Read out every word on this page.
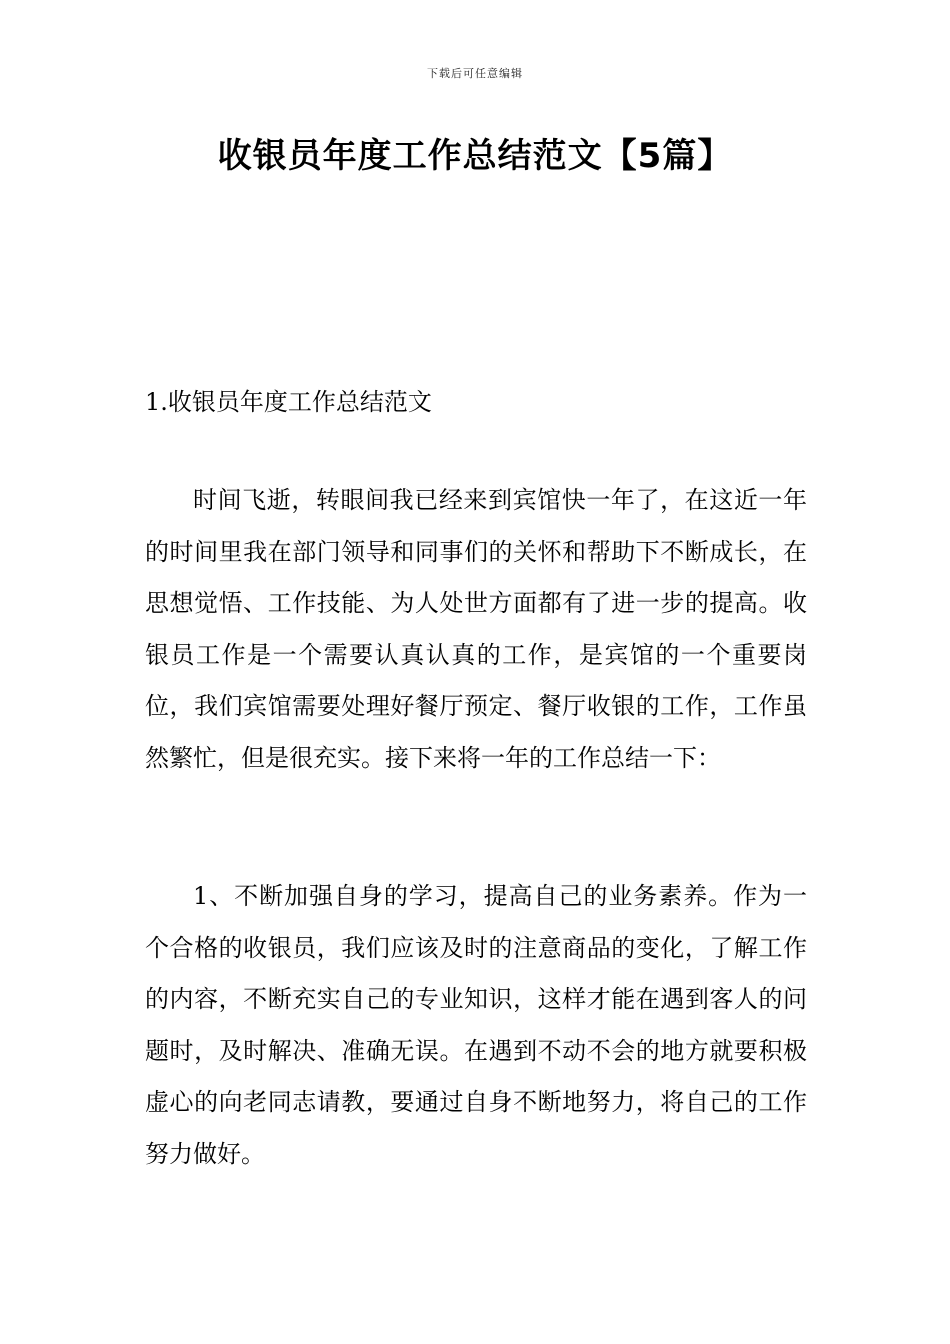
下载后可任意编辑
收银员年度工作总结范文【5篇】
1.收银员年度工作总结范文

时间飞逝，转眼间我已经来到宾馆快一年了，在这近一年的时间里我在部门领导和同事们的关怀和帮助下不断成长，在思想觉悟、工作技能、为人处世方面都有了进一步的提高。收银员工作是一个需要认真认真的工作，是宾馆的一个重要岗位，我们宾馆需要处理好餐厅预定、餐厅收银的工作，工作虽然繁忙，但是很充实。接下来将一年的工作总结一下：

1、不断加强自身的学习，提高自己的业务素养。作为一个合格的收银员，我们应该及时的注意商品的变化，了解工作的内容，不断充实自己的专业知识，这样才能在遇到客人的问题时，及时解决、准确无误。在遇到不动不会的地方就要积极虚心的向老同志请教，要通过自身不断地努力，将自己的工作努力做好。
